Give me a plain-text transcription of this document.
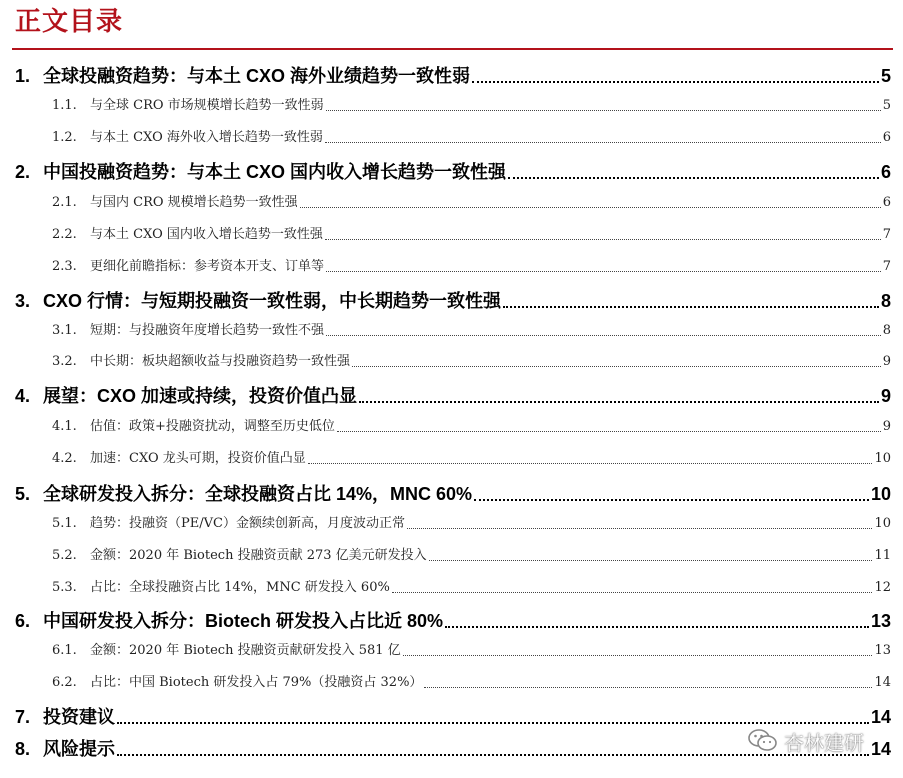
正文目录
1. 全球投融资趋势：与本土 CXO 海外业绩趋势一致性弱	5
1.1.	与全球 CRO 市场规模增长趋势一致性弱	5
1.2.	与本土 CXO 海外收入增长趋势一致性弱	6
2. 中国投融资趋势：与本土 CXO 国内收入增长趋势一致性强	6
2.1.	与国内 CRO 规模增长趋势一致性强	6
2.2.	与本土 CXO 国内收入增长趋势一致性强	7
2.3.	更细化前瞻指标：参考资本开支、订单等	7
3. CXO 行情：与短期投融资一致性弱，中长期趋势一致性强	8
3.1.	短期：与投融资年度增长趋势一致性不强	8
3.2.	中长期：板块超额收益与投融资趋势一致性强	9
4. 展望：CXO 加速或持续，投资价值凸显	9
4.1.	估值：政策+投融资扰动，调整至历史低位	9
4.2.	加速：CXO 龙头可期，投资价值凸显	10
5. 全球研发投入拆分：全球投融资占比 14%，MNC 60%	10
5.1.	趋势：投融资（PE/VC）金额续创新高，月度波动正常	10
5.2.	金额：2020 年 Biotech 投融资贡献 273 亿美元研发投入	11
5.3.	占比：全球投融资占比 14%，MNC 研发投入 60%	12
6. 中国研发投入拆分：Biotech 研发投入占比近 80%	13
6.1.	金额：2020 年 Biotech 投融资贡献研发投入 581 亿	13
6.2.	占比：中国 Biotech 研发投入占 79%（投融资占 32%）	14
7. 投资建议	14
8. 风险提示	14
杏林建研
